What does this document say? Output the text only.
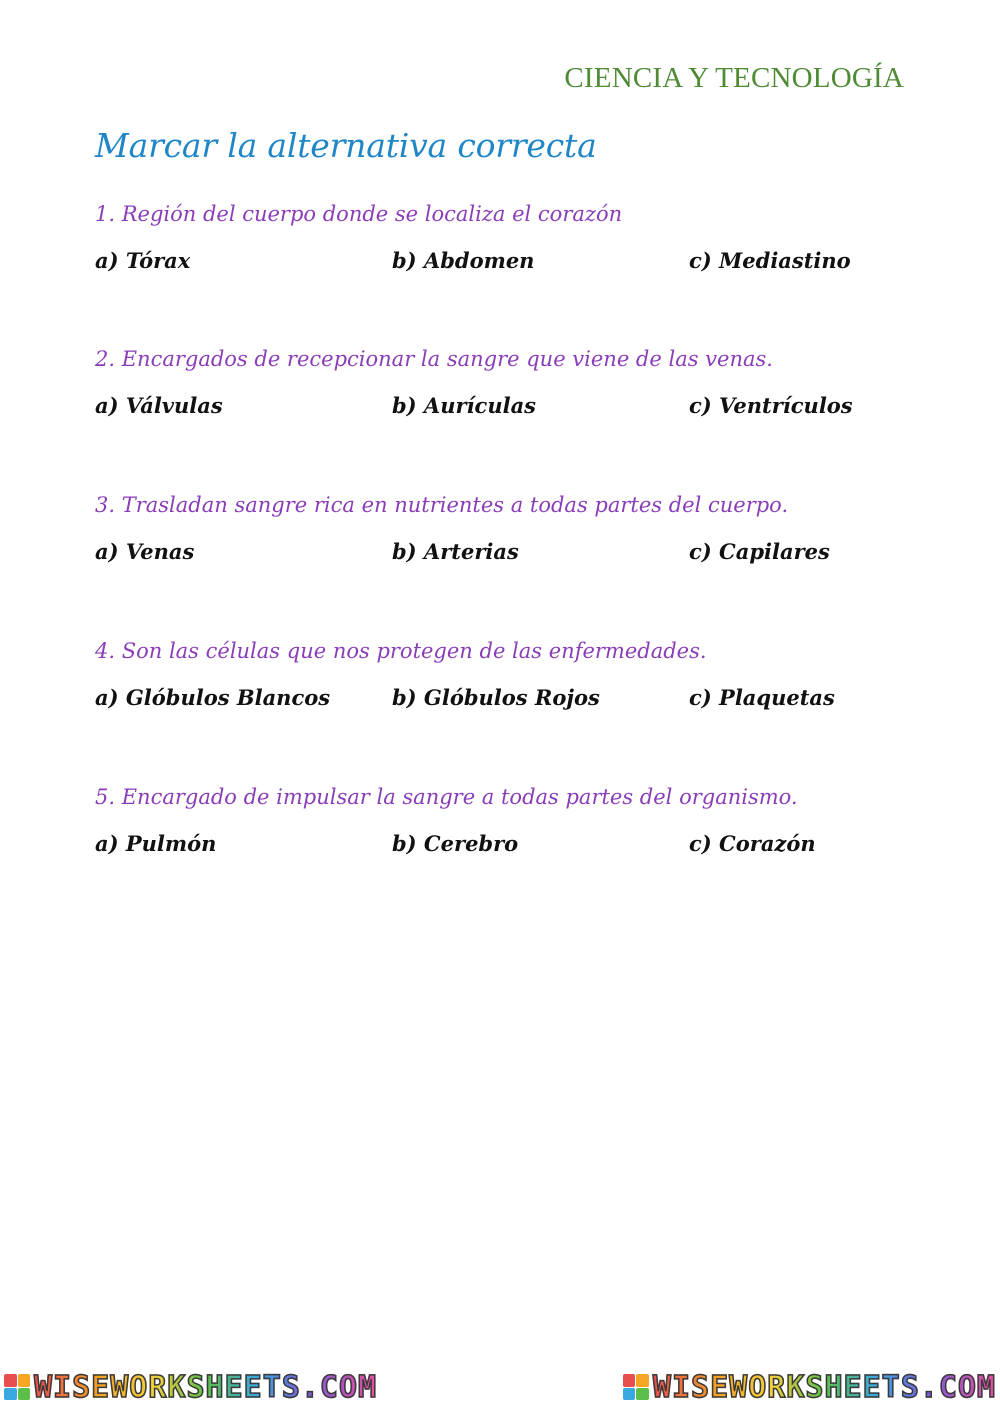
CIENCIA Y TECNOLOGÍA
Marcar la alternativa correcta
1. Región del cuerpo donde se localiza el corazón
a) Tórax	b) Abdomen	c) Mediastino
2. Encargados de recepcionar la sangre que viene de las venas.
a) Válvulas	b) Aurículas	c) Ventrículos
3. Trasladan sangre rica en nutrientes a todas partes del cuerpo.
a) Venas	b) Arterias	c) Capilares
4. Son las células que nos protegen de las enfermedades.
a) Glóbulos Blancos	b) Glóbulos Rojos	c) Plaquetas
5. Encargado de impulsar la sangre a todas partes del organismo.
a) Pulmón	b) Cerebro	c) Corazón
WISEWORKSHEETS.COM	WISEWORKSHEETS.COM
